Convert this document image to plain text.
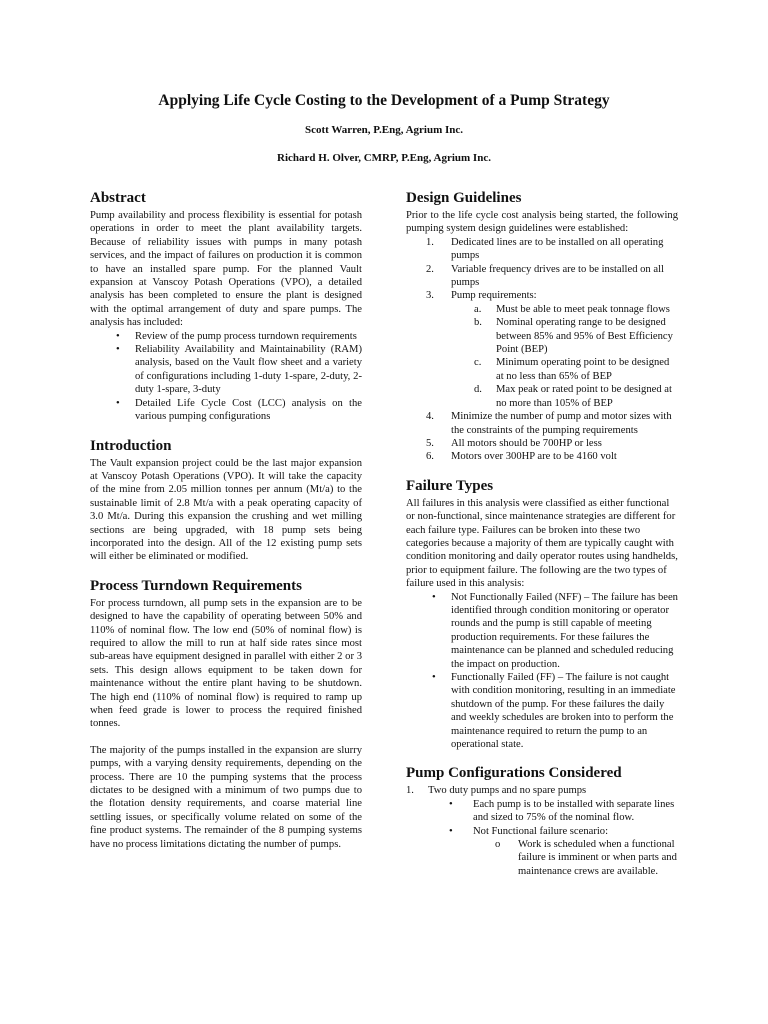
Applying Life Cycle Costing to the Development of a Pump Strategy
Scott Warren, P.Eng, Agrium Inc.
Richard H. Olver, CMRP, P.Eng, Agrium Inc.
Abstract

Pump availability and process flexibility is essential for potash operations in order to meet the plant availability targets. Because of reliability issues with pumps in many potash services, and the impact of failures on production it is common to have an installed spare pump. For the planned Vault expansion at Vanscoy Potash Operations (VPO), a detailed analysis has been completed to ensure the plant is designed with the optimal arrangement of duty and spare pumps. The analysis has included:

• Review of the pump process turndown requirements
• Reliability Availability and Maintainability (RAM) analysis, based on the Vault flow sheet and a variety of configurations including 1-duty 1-spare, 2-duty, 2-duty 1-spare, 3-duty
• Detailed Life Cycle Cost (LCC) analysis on the various pumping configurations
Introduction

The Vault expansion project could be the last major expansion at Vanscoy Potash Operations (VPO). It will take the capacity of the mine from 2.05 million tonnes per annum (Mt/a) to the sustainable limit of 2.8 Mt/a with a peak operating capacity of 3.0 Mt/a. During this expansion the crushing and wet milling sections are being upgraded, with 18 pump sets being incorporated into the design. All of the 12 existing pump sets will either be eliminated or modified.

Process Turndown Requirements

For process turndown, all pump sets in the expansion are to be designed to have the capability of operating between 50% and 110% of nominal flow. The low end (50% of nominal flow) is required to allow the mill to run at half side rates since most sub-areas have equipment designed in parallel with either 2 or 3 sets. This design allows equipment to be taken down for maintenance without the entire plant having to be shutdown. The high end (110% of nominal flow) is required to ramp up when feed grade is lower to process the required finished tonnes.

The majority of the pumps installed in the expansion are slurry pumps, with a varying density requirements, depending on the process. There are 10 the pumping systems that the process dictates to be designed with a minimum of two pumps due to the flotation density requirements, and coarse material line settling issues, or specifically volume related on some of the fine product systems. The remainder of the 8 pumping systems have no process limitations dictating the number of pumps.

Design Guidelines

Prior to the life cycle cost analysis being started, the following pumping system design guidelines were established:

1. Dedicated lines are to be installed on all operating pumps
2. Variable frequency drives are to be installed on all pumps
3. Pump requirements:
a. Must be able to meet peak tonnage flows
b. Nominal operating range to be designed between 85% and 95% of Best Efficiency Point (BEP)
c. Minimum operating point to be designed at no less than 65% of BEP
d. Max peak or rated point to be designed at no more than 105% of BEP
4. Minimize the number of pump and motor sizes with the constraints of the pumping requirements
5. All motors should be 700HP or less
6. Motors over 300HP are to be 4160 volt
Failure Types

All failures in this analysis were classified as either functional or non-functional, since maintenance strategies are different for each failure type. Failures can be broken into these two categories because a majority of them are typically caught with condition monitoring and daily operator routes using handhelds, prior to equipment failure. The following are the two types of failure used in this analysis:

• Not Functionally Failed (NFF) – The failure has been identified through condition monitoring or operator rounds and the pump is still capable of meeting production requirements. For these failures the maintenance can be planned and scheduled reducing the impact on production.
• Functionally Failed (FF) – The failure is not caught with condition monitoring, resulting in an immediate shutdown of the pump. For these failures the daily and weekly schedules are broken into to perform the maintenance required to return the pump to an operational state.
Pump Configurations Considered
1. Two duty pumps and no spare pumps
• Each pump is to be installed with separate lines and sized to 75% of the nominal flow.
• Not Functional failure scenario:
o Work is scheduled when a functional failure is imminent or when parts and maintenance crews are available.
